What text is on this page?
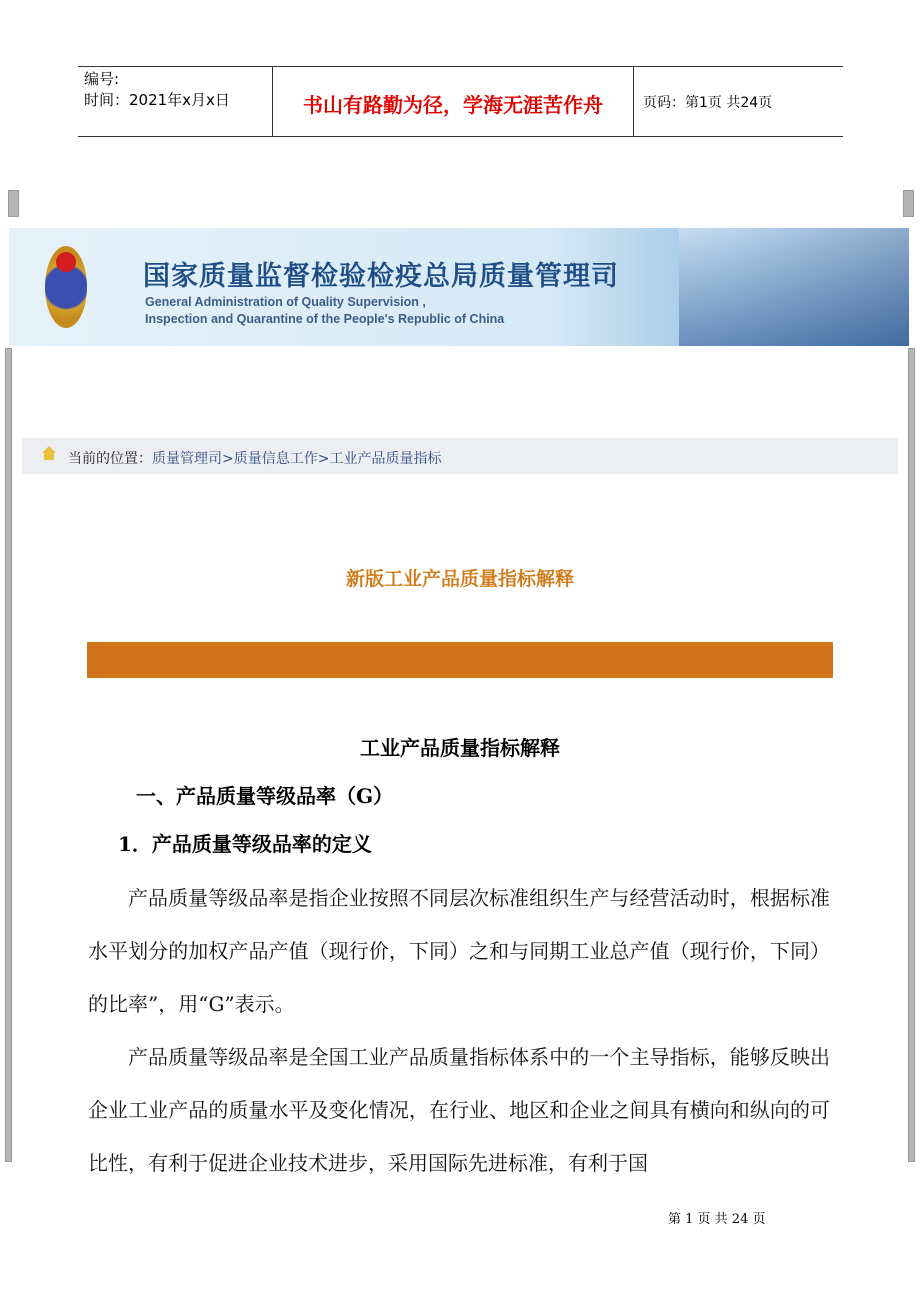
编号:
时间：2021年x月x日	书山有路勤为径，学海无涯苦作舟	页码：第1页 共24页
国家质量监督检验检疫总局质量管理司
General Administration of Quality Supervision ,
Inspection and Quarantine of the People's Republic of China
当前的位置：质量管理司>质量信息工作>工业产品质量指标
新版工业产品质量指标解释
工业产品质量指标解释
一、产品质量等级品率（G）
1．产品质量等级品率的定义

产品质量等级品率是指企业按照不同层次标准组织生产与经营活动时，根据标准水平划分的加权产品产值（现行价，下同）之和与同期工业总产值（现行价，下同）的比率”，用“G”表示。

产品质量等级品率是全国工业产品质量指标体系中的一个主导指标，能够反映出企业工业产品的质量水平及变化情况，在行业、地区和企业之间具有横向和纵向的可比性，有利于促进企业技术进步，采用国际先进标准，有利于国

第 1 页 共 24 页
